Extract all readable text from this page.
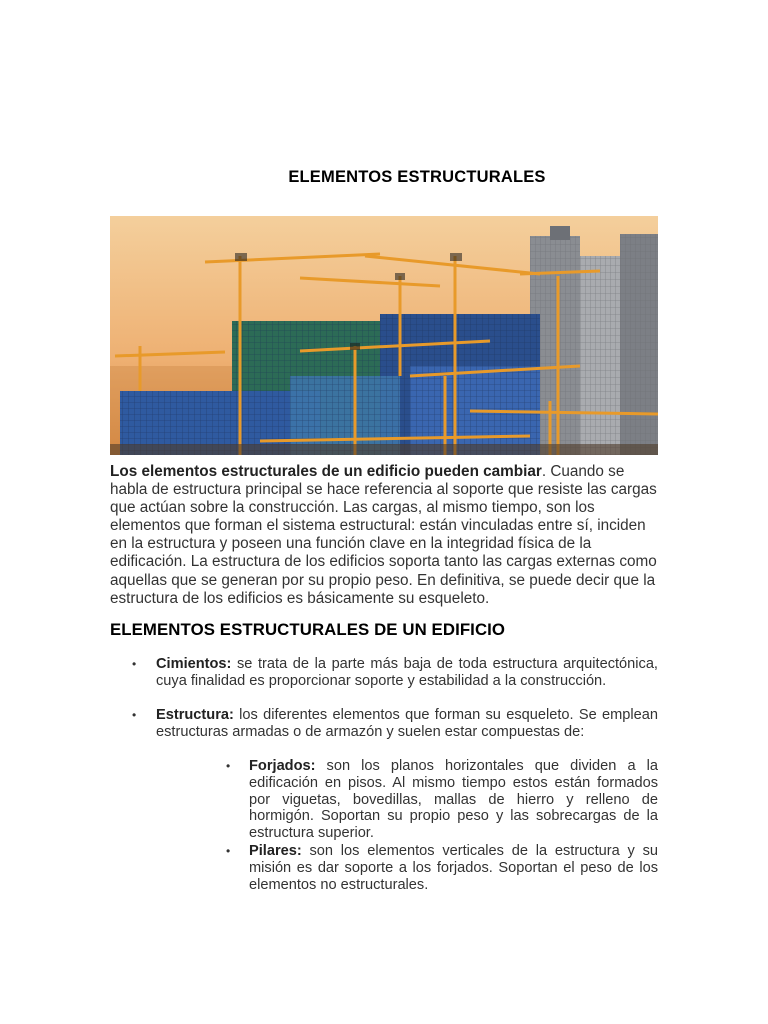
ELEMENTOS ESTRUCTURALES

Los elementos estructurales de un edificio pueden cambiar. Cuando se habla de estructura principal se hace referencia al soporte que resiste las cargas que actúan sobre la construcción. Las cargas, al mismo tiempo, son los elementos que forman el sistema estructural: están vinculadas entre sí, inciden en la estructura y poseen una función clave en la integridad física de la edificación. La estructura de los edificios soporta tanto las cargas externas como aquellas que se generan por su propio peso. En definitiva, se puede decir que la estructura de los edificios es básicamente su esqueleto.

ELEMENTOS ESTRUCTURALES DE UN EDIFICIO
• Cimientos: se trata de la parte más baja de toda estructura arquitectónica, cuya finalidad es proporcionar soporte y estabilidad a la construcción.
• Estructura: los diferentes elementos que forman su esqueleto. Se emplean estructuras armadas o de armazón y suelen estar compuestas de:
• Forjados: son los planos horizontales que dividen a la edificación en pisos. Al mismo tiempo estos están formados por viguetas, bovedillas, mallas de hierro y relleno de hormigón. Soportan su propio peso y las sobrecargas de la estructura superior.
• Pilares: son los elementos verticales de la estructura y su misión es dar soporte a los forjados. Soportan el peso de los elementos no estructurales.
